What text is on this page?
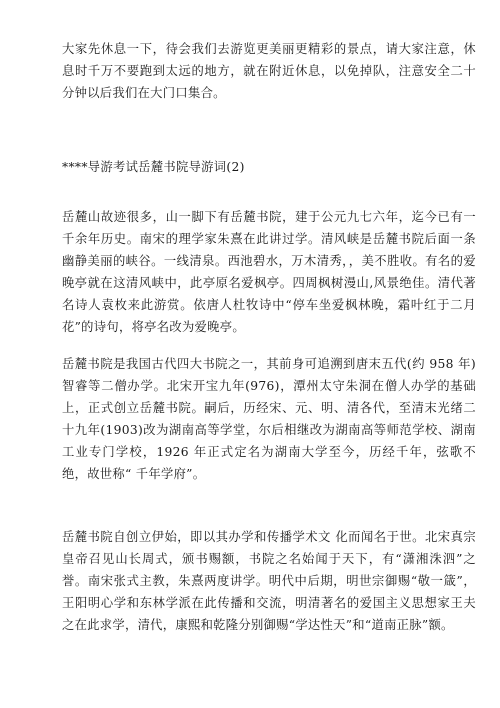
大家先休息一下，待会我们去游览更美丽更精彩的景点，请大家注意，休息时千万不要跑到太远的地方，就在附近休息，以免掉队，注意安全二十分钟以后我们在大门口集合。

****导游考试岳麓书院导游词(2)

岳麓山故迹很多，山一脚下有岳麓书院，建于公元九七六年，迄今已有一千余年历史。南宋的理学家朱熹在此讲过学。清风峡是岳麓书院后面一条幽静美丽的峡谷。一线清泉。西池碧水，万木清秀，，美不胜收。有名的爱晚亭就在这清风峡中，此亭原名爱枫亭。四周枫树漫山,风景绝佳。清代著名诗人袁枚来此游赏。依唐人杜牧诗中“停车坐爱枫林晚，霜叶红于二月花”的诗句，将亭名改为爱晚亭。

岳麓书院是我国古代四大书院之一，其前身可追溯到唐末五代(约 958 年)智睿等二僧办学。北宋开宝九年(976)，潭州太守朱洞在僧人办学的基础上，正式创立岳麓书院。嗣后，历经宋、元、明、清各代，至清末光绪二十九年(1903)改为湖南高等学堂，尔后相继改为湖南高等师范学校、湖南工业专门学校，1926 年正式定名为湖南大学至今，历经千年，弦歌不绝，故世称“ 千年学府”。

岳麓书院自创立伊始，即以其办学和传播学术文 化而闻名于世。北宋真宗皇帝召见山长周式，颁书赐额，书院之名始闻于天下，有“潇湘洙泗”之誉。南宋张式主教，朱熹两度讲学。明代中后期，明世宗御赐“敬一箴”，王阳明心学和东林学派在此传播和交流，明清著名的爱国主义思想家王夫之在此求学，清代，康熙和乾隆分别御赐“学达性天”和“道南正脉”额。
